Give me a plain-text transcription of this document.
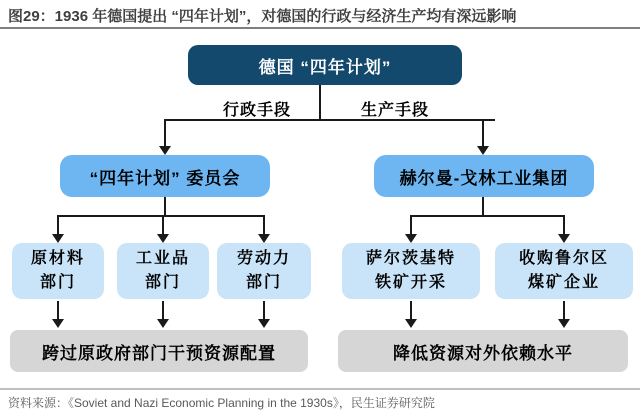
图29：1936 年德国提出 “四年计划”，对德国的行政与经济生产均有深远影响
德国 “四年计划”
行政手段	生产手段
“四年计划” 委员会	赫尔曼-戈林工业集团
原材料
部门
工业品
部门
劳动力
部门
萨尔茨基特
铁矿开采
收购鲁尔区
煤矿企业
跨过原政府部门干预资源配置	降低资源对外依赖水平
资料来源：《Soviet and Nazi Economic Planning in the 1930s》，民生证券研究院
